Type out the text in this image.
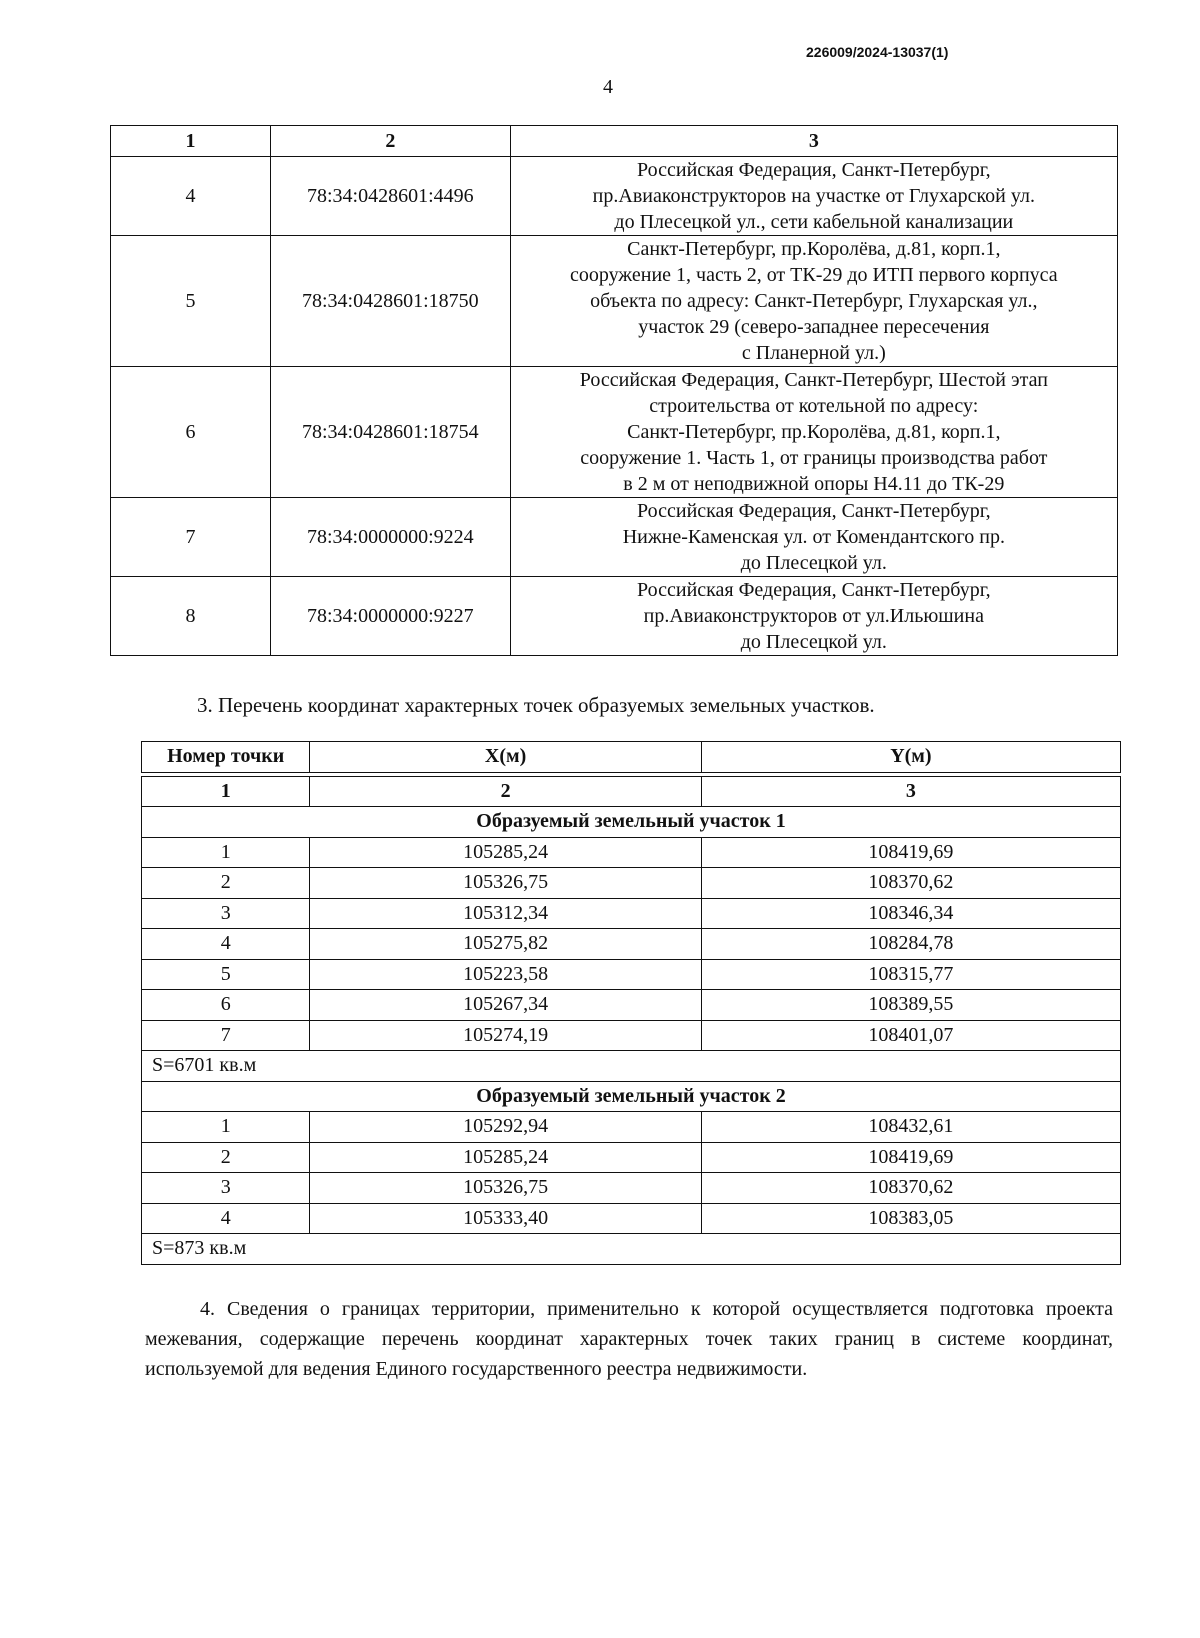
226009/2024-13037(1)
4
1	2	3
4	78:34:0428601:4496	Российская Федерация, Санкт-Петербург,
пр.Авиаконструкторов на участке от Глухарской ул.
до Плесецкой ул., сети кабельной канализации

5	78:34:0428601:18750	Санкт-Петербург, пр.Королёва, д.81, корп.1,
сооружение 1, часть 2, от ТК-29 до ИТП первого корпуса
объекта по адресу: Санкт-Петербург, Глухарская ул.,
участок 29 (северо-западнее пересечения
с Планерной ул.)

6	78:34:0428601:18754	Российская Федерация, Санкт-Петербург, Шестой этап
строительства от котельной по адресу:
Санкт-Петербург, пр.Королёва, д.81, корп.1,
сооружение 1. Часть 1, от границы производства работ
в 2 м от неподвижной опоры Н4.11 до ТК-29

7	78:34:0000000:9224	Российская Федерация, Санкт-Петербург,
Нижне-Каменская ул. от Комендантского пр.
до Плесецкой ул.

8	78:34:0000000:9227	Российская Федерация, Санкт-Петербург,
пр.Авиаконструкторов от ул.Ильюшина
до Плесецкой ул.
3. Перечень координат характерных точек образуемых земельных участков.
Номер точки	X(м)	Y(м)

1	2	3
Образуемый земельный участок 1		
1	105285,24	108419,69
2	105326,75	108370,62
3	105312,34	108346,34
4	105275,82	108284,78
5	105223,58	108315,77
6	105267,34	108389,55
7	105274,19	108401,07
S=6701 кв.м		
Образуемый земельный участок 2		
1	105292,94	108432,61
2	105285,24	108419,69
3	105326,75	108370,62
4	105333,40	108383,05
S=873 кв.м		
4. Сведения о границах территории, применительно к которой осуществляется подготовка проекта межевания, содержащие перечень координат характерных точек таких границ в системе координат, используемой для ведения Единого государственного реестра недвижимости.
